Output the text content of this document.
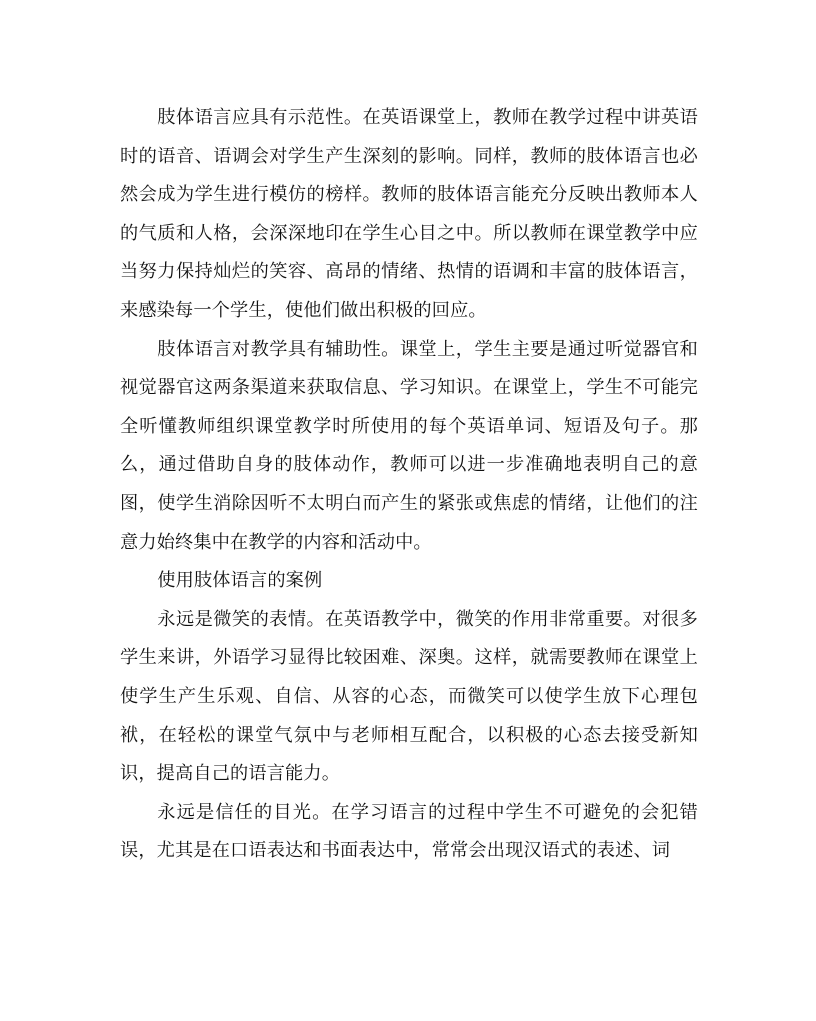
肢体语言应具有示范性。在英语课堂上，教师在教学过程中讲英语时的语音、语调会对学生产生深刻的影响。同样，教师的肢体语言也必然会成为学生进行模仿的榜样。教师的肢体语言能充分反映出教师本人的气质和人格，会深深地印在学生心目之中。所以教师在课堂教学中应当努力保持灿烂的笑容、高昂的情绪、热情的语调和丰富的肢体语言，来感染每一个学生，使他们做出积极的回应。

肢体语言对教学具有辅助性。课堂上，学生主要是通过听觉器官和视觉器官这两条渠道来获取信息、学习知识。在课堂上，学生不可能完全听懂教师组织课堂教学时所使用的每个英语单词、短语及句子。那么，通过借助自身的肢体动作，教师可以进一步准确地表明自己的意图，使学生消除因听不太明白而产生的紧张或焦虑的情绪，让他们的注意力始终集中在教学的内容和活动中。

使用肢体语言的案例

永远是微笑的表情。在英语教学中，微笑的作用非常重要。对很多学生来讲，外语学习显得比较困难、深奥。这样，就需要教师在课堂上使学生产生乐观、自信、从容的心态，而微笑可以使学生放下心理包袱，在轻松的课堂气氛中与老师相互配合，以积极的心态去接受新知识，提高自己的语言能力。

永远是信任的目光。在学习语言的过程中学生不可避免的会犯错误，尤其是在口语表达和书面表达中，常常会出现汉语式的表述、词
